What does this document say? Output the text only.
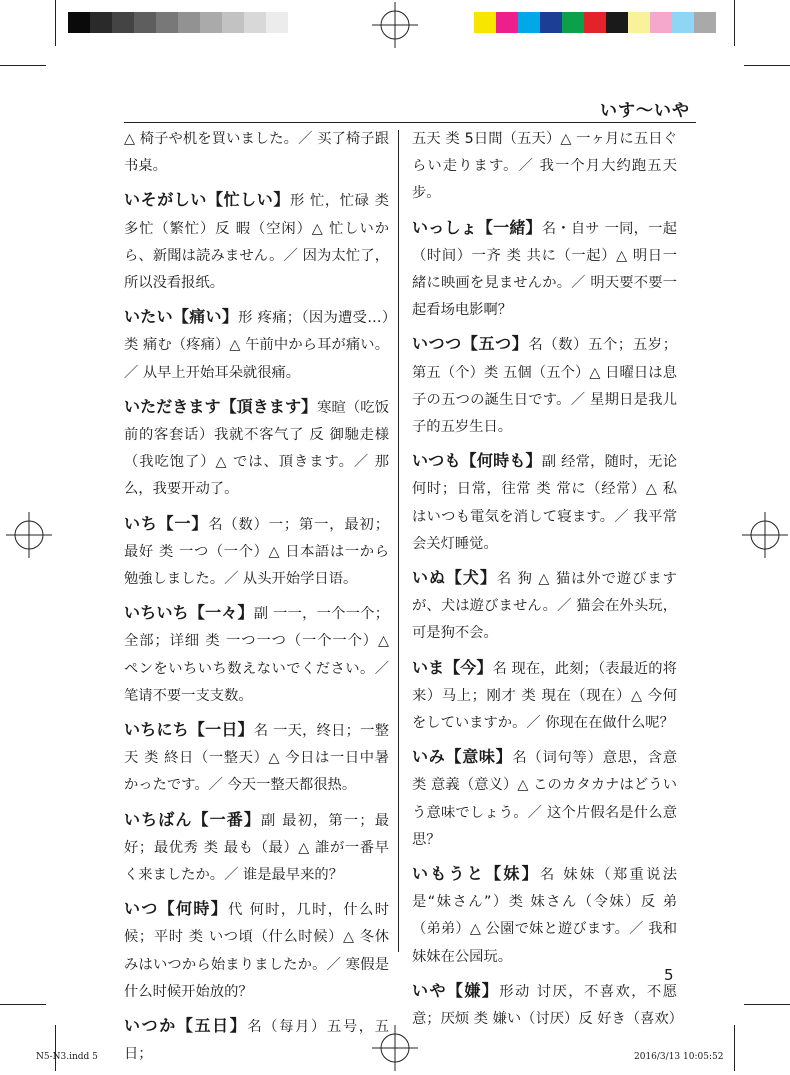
いす～いや

△ 椅子や机を買いました。／ 买了椅子跟书桌。

いそがしい【忙しい】形 忙，忙碌 类 多忙（繁忙）反 暇（空闲）△ 忙しいから、新聞は読みません。／ 因为太忙了，所以没看报纸。

いたい【痛い】形 疼痛；（因为遭受…）类 痛む（疼痛）△ 午前中から耳が痛い。／ 从早上开始耳朵就很痛。

いただきます【頂きます】寒暄（吃饭前的客套话）我就不客气了 反 御馳走様（我吃饱了）△ では、頂きます。／ 那么，我要开动了。

いち【一】名（数）一；第一，最初；最好 类 一つ（一个）△ 日本語は一から勉強しました。／ 从头开始学日语。

いちいち【一々】副 一一，一个一个；全部；详细 类 一つ一つ（一个一个）△ ペンをいちいち数えないでください。／ 笔请不要一支支数。

いちにち【一日】名 一天，终日；一整天 类 終日（一整天）△ 今日は一日中暑かったです。／ 今天一整天都很热。

いちばん【一番】副 最初，第一；最好；最优秀 类 最も（最）△ 誰が一番早く来ましたか。／ 谁是最早来的？

いつ【何時】代 何时，几时，什么时候；平时 类 いつ頃（什么时候）△ 冬休みはいつから始まりましたか。／ 寒假是什么时候开始放的？

いつか【五日】名（每月）五号，五日；

五天 类 5日間（五天）△ 一ヶ月に五日ぐらい走ります。／ 我一个月大约跑五天步。

いっしょ【一緒】名・自サ 一同，一起（时间）一齐 类 共に（一起）△ 明日一緒に映画を見ませんか。／ 明天要不要一起看场电影啊？

いつつ【五つ】名（数）五个；五岁；第五（个）类 五個（五个）△ 日曜日は息子の五つの誕生日です。／ 星期日是我儿子的五岁生日。

いつも【何時も】副 经常，随时，无论何时；日常，往常 类 常に（经常）△ 私はいつも電気を消して寝ます。／ 我平常会关灯睡觉。

いぬ【犬】名 狗 △ 猫は外で遊びますが、犬は遊びません。／ 猫会在外头玩，可是狗不会。

いま【今】名 现在，此刻；（表最近的将来）马上；刚才 类 現在（现在）△ 今何をしていますか。／ 你现在在做什么呢？

いみ【意味】名（词句等）意思，含意 类 意義（意义）△ このカタカナはどういう意味でしょう。／ 这个片假名是什么意思？

いもうと【妹】名 妹妹（郑重说法是“妹さん”）类 妹さん（令妹）反 弟（弟弟）△ 公園で妹と遊びます。／ 我和妹妹在公园玩。

いや【嫌】形动 讨厌，不喜欢，不愿意；厌烦 类 嫌い（讨厌）反 好き（喜欢）

5
N5-N3.indd 5	2016/3/13 10:05:52
